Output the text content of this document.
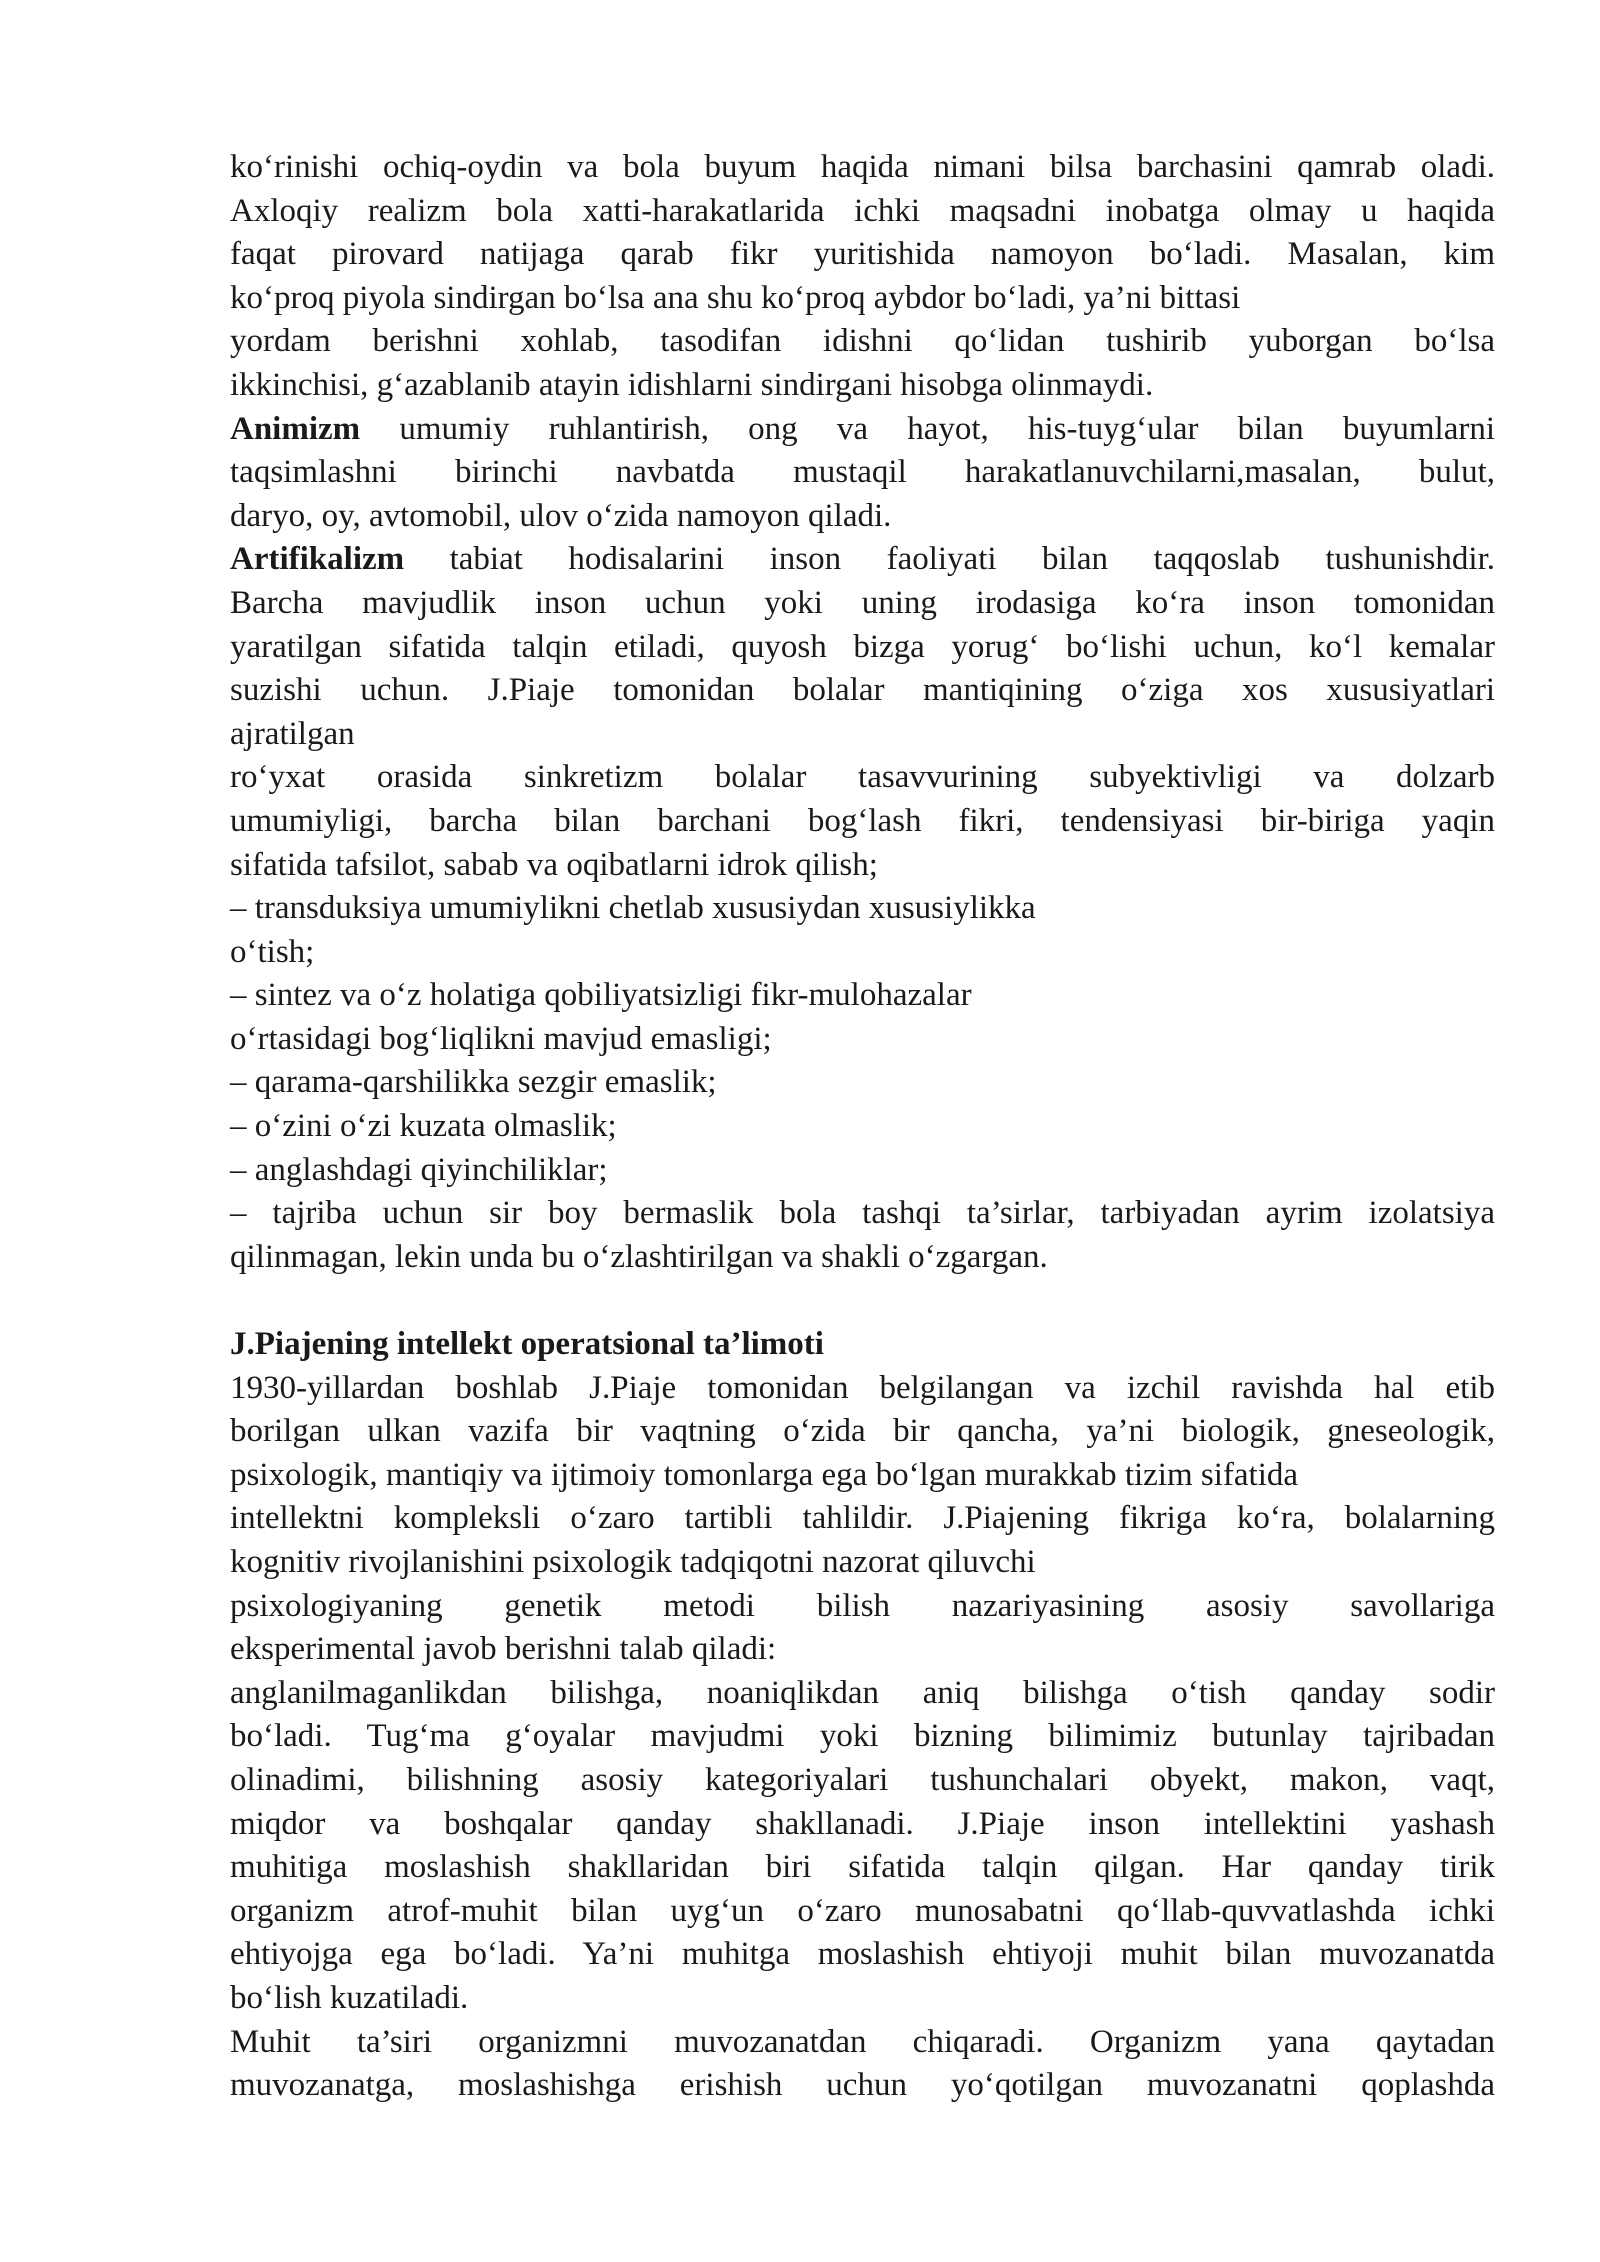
ko‘rinishi ochiq-oydin va bola buyum haqida nimani bilsa barchasini qamrab oladi.
Axloqiy realizm bola xatti-harakatlarida ichki maqsadni inobatga olmay u haqida
faqat pirovard natijaga qarab fikr yuritishida namoyon bo‘ladi. Masalan, kim
ko‘proq piyola sindirgan bo‘lsa ana shu ko‘proq aybdor bo‘ladi, ya’ni bittasi
yordam berishni xohlab, tasodifan idishni qo‘lidan tushirib yuborgan bo‘lsa
ikkinchisi, g‘azablanib atayin idishlarni sindirgani hisobga olinmaydi.
Animizm umumiy ruhlantirish, ong va hayot, his-tuyg‘ular bilan buyumlarni
taqsimlashni birinchi navbatda mustaqil harakatlanuvchilarni,masalan, bulut,
daryo, oy, avtomobil, ulov o‘zida namoyon qiladi.
Artifikalizm tabiat hodisalarini inson faoliyati bilan taqqoslab tushunishdir.
Barcha mavjudlik inson uchun yoki uning irodasiga ko‘ra inson tomonidan
yaratilgan sifatida talqin etiladi, quyosh bizga yorug‘ bo‘lishi uchun, ko‘l kemalar
suzishi uchun. J.Piaje tomonidan bolalar mantiqining o‘ziga xos xususiyatlari
ajratilgan
ro‘yxat orasida sinkretizm bolalar tasavvurining subyektivligi va dolzarb
umumiyligi, barcha bilan barchani bog‘lash fikri, tendensiyasi bir-biriga yaqin
sifatida tafsilot, sabab va oqibatlarni idrok qilish;
– transduksiya umumiylikni chetlab xususiydan xususiylikka
o‘tish;
– sintez va o‘z holatiga qobiliyatsizligi fikr-mulohazalar
o‘rtasidagi bog‘liqlikni mavjud emasligi;
– qarama-qarshilikka sezgir emaslik;
– o‘zini o‘zi kuzata olmaslik;
– anglashdagi qiyinchiliklar;
– tajriba uchun sir boy bermaslik bola tashqi ta’sirlar, tarbiyadan ayrim izolatsiya
qilinmagan, lekin unda bu o‘zlashtirilgan va shakli o‘zgargan.
J.Piajening intellekt operatsional ta’limoti
1930-yillardan boshlab J.Piaje tomonidan belgilangan va izchil ravishda hal etib
borilgan ulkan vazifa bir vaqtning o‘zida bir qancha, ya’ni biologik, gneseologik,
psixologik, mantiqiy va ijtimoiy tomonlarga ega bo‘lgan murakkab tizim sifatida
intellektni kompleksli o‘zaro tartibli tahlildir. J.Piajening fikriga ko‘ra, bolalarning
kognitiv rivojlanishini psixologik tadqiqotni nazorat qiluvchi
psixologiyaning genetik metodi bilish nazariyasining asosiy savollariga
eksperimental javob berishni talab qiladi:
anglanilmaganlikdan bilishga, noaniqlikdan aniq bilishga o‘tish qanday sodir
bo‘ladi. Tug‘ma g‘oyalar mavjudmi yoki bizning bilimimiz butunlay tajribadan
olinadimi, bilishning asosiy kategoriyalari tushunchalari obyekt, makon, vaqt,
miqdor va boshqalar qanday shakllanadi. J.Piaje inson intellektini yashash
muhitiga moslashish shakllaridan biri sifatida talqin qilgan. Har qanday tirik
organizm atrof-muhit bilan uyg‘un o‘zaro munosabatni qo‘llab-quvvatlashda ichki
ehtiyojga ega bo‘ladi. Ya’ni muhitga moslashish ehtiyoji muhit bilan muvozanatda
bo‘lish kuzatiladi.
Muhit ta’siri organizmni muvozanatdan chiqaradi. Organizm yana qaytadan
muvozanatga, moslashishga erishish uchun yo‘qotilgan muvozanatni qoplashda
